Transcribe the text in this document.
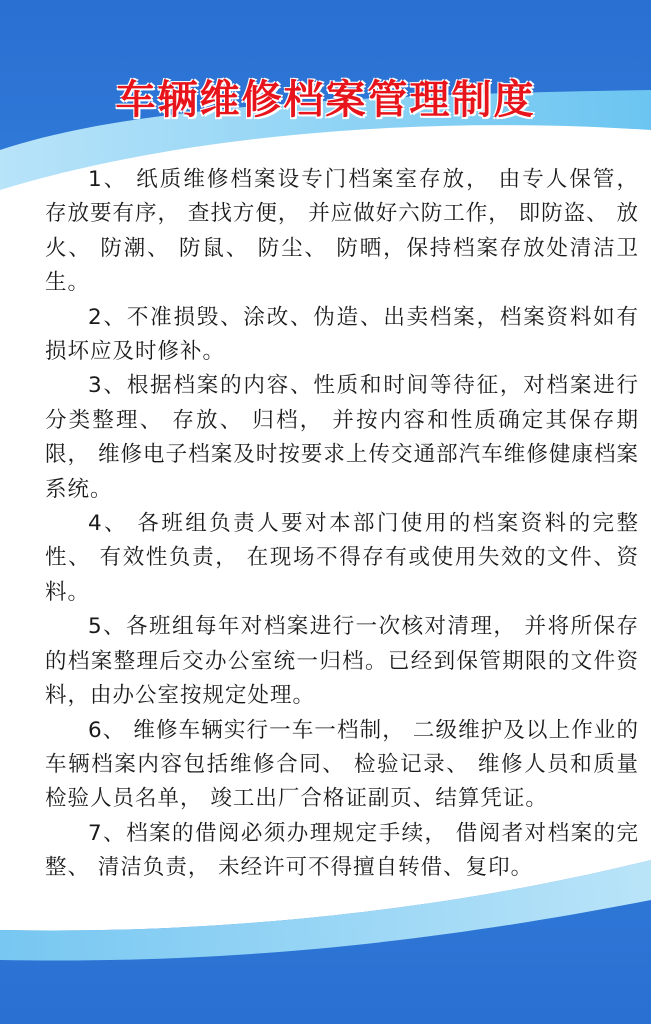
车辆维修档案管理制度

1、 纸质维修档案设专门档案室存放， 由专人保管， 存放要有序， 查找方便， 并应做好六防工作， 即防盗、 放火、 防潮、 防鼠、 防尘、 防晒，保持档案存放处清洁卫生。

2、不准损毁、涂改、伪造、出卖档案，档案资料如有损坏应及时修补。

3、根据档案的内容、性质和时间等待征，对档案进行分类整理、 存放、 归档， 并按内容和性质确定其保存期限， 维修电子档案及时按要求上传交通部汽车维修健康档案系统。

4、 各班组负责人要对本部门使用的档案资料的完整性、 有效性负责， 在现场不得存有或使用失效的文件、资料。

5、各班组每年对档案进行一次核对清理， 并将所保存的档案整理后交办公室统一归档。已经到保管期限的文件资料，由办公室按规定处理。

6、 维修车辆实行一车一档制， 二级维护及以上作业的车辆档案内容包括维修合同、 检验记录、 维修人员和质量检验人员名单， 竣工出厂合格证副页、结算凭证。

7、档案的借阅必须办理规定手续， 借阅者对档案的完整、 清洁负责， 未经许可不得擅自转借、复印。
